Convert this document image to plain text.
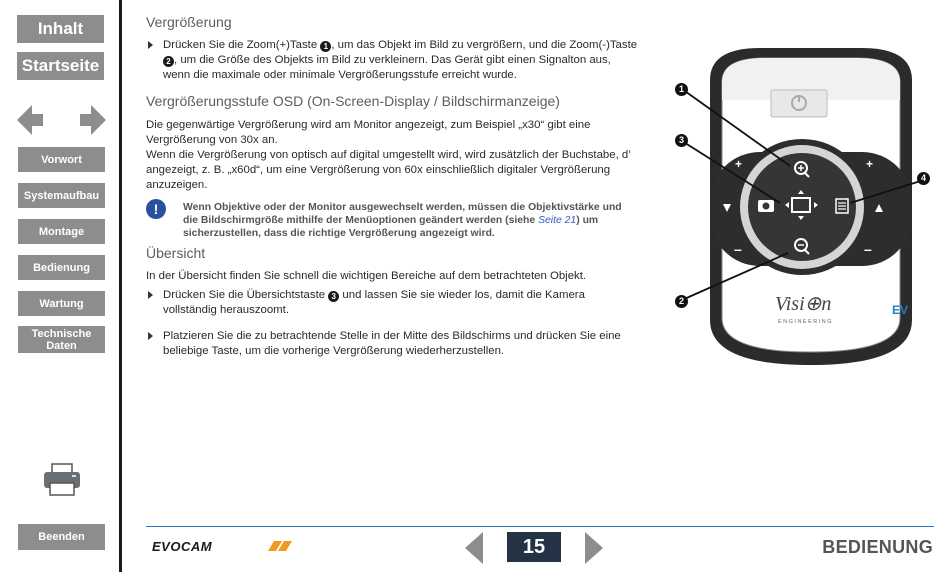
Inhalt
Startseite
Vorwort
Systemaufbau
Montage
Bedienung
Wartung
Technische Daten
Beenden
Vergrößerung
Drücken Sie die Zoom(+)Taste 1 , um das Objekt im Bild zu vergrößern, und die Zoom(-)Taste 2 , um die Größe des Objekts im Bild zu verkleinern. Das Gerät gibt einen Signalton aus, wenn die maximale oder minimale Vergrößerungsstufe erreicht wurde.
Vergrößerungsstufe OSD (On-Screen-Display / Bildschirmanzeige)

Die gegenwärtige Vergrößerung wird am Monitor angezeigt, zum Beispiel „x30“ gibt eine Vergrößerung von 30x an.
Wenn die Vergrößerung von optisch auf digital umgestellt wird, wird zusätzlich der Buchstabe, d’ angezeigt, z. B. „x60d“, um eine Vergrößerung von 60x einschließlich digitaler Vergrößerung anzuzeigen.

!	Wenn Objektive oder der Monitor ausgewechselt werden, müssen die Objektivstärke und die Bildschirmgröße mithilfe der Menüoptionen geändert werden (siehe Seite 21) um sicherzustellen, dass die richtige Vergrößerung angezeigt wird.
Übersicht

In der Übersicht finden Sie schnell die wichtigen Bereiche auf dem betrachteten Objekt.

Drücken Sie die Übersichtstaste 3 und lassen Sie sie wieder los, damit die Kamera vollständig herauszoomt.
Platzieren Sie die zu betrachtende Stelle in der Mitte des Bildschirms und drücken Sie eine beliebige Taste, um die vorherige Vergrößerung wiederherzustellen.
+
–
+
–
Visi⊕n
ENGINEERING
EV
1
3
4
2
EVOCAM	15	BEDIENUNG
